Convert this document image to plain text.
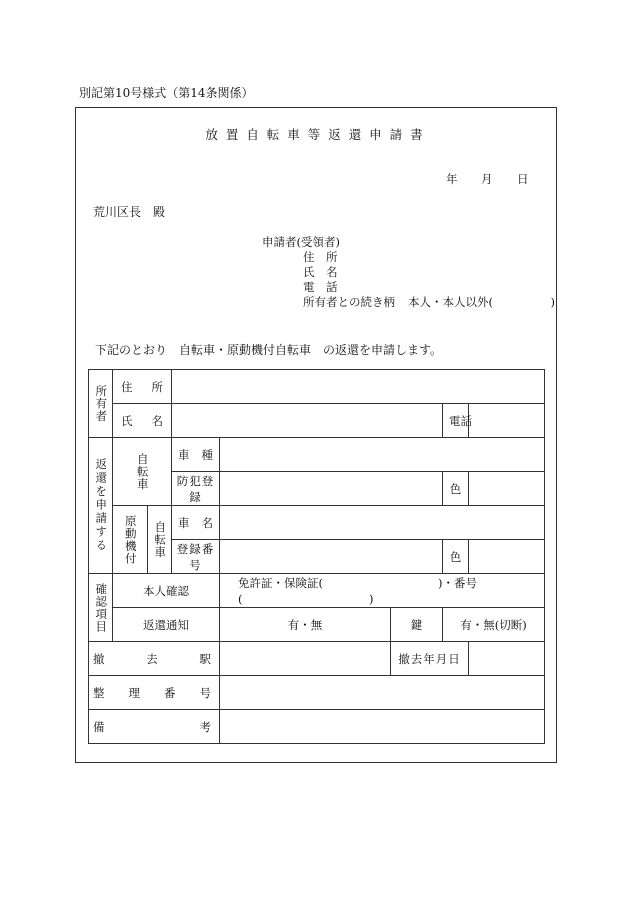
別記第10号様式（第14条関係）
放 置 自 転 車 等 返 還 申 請 書
年 月 日
荒川区長　殿
申請者(受領者)
住　所
氏　名
電　話
所有者との続き柄 本人・本人以外(　　　　　)
下記のとおり　自転車・原動機付自転車　の返還を申請します。
所有者	住 所						

	氏 名					電 話	

返還を申請する	自転車		車 種				

			防犯登録			色	

	原動機付	自転車	車 名				

			登録番号			色	

確認項目	本人確認			免許証・保険証(　　　　　　　　　　)・番号(　　　　　　　　　　　)			
	返還通知			有・無	鍵	有・無(切断)	

撤 去 駅					撤去年月日		

整 理 番 号							

備 考							
